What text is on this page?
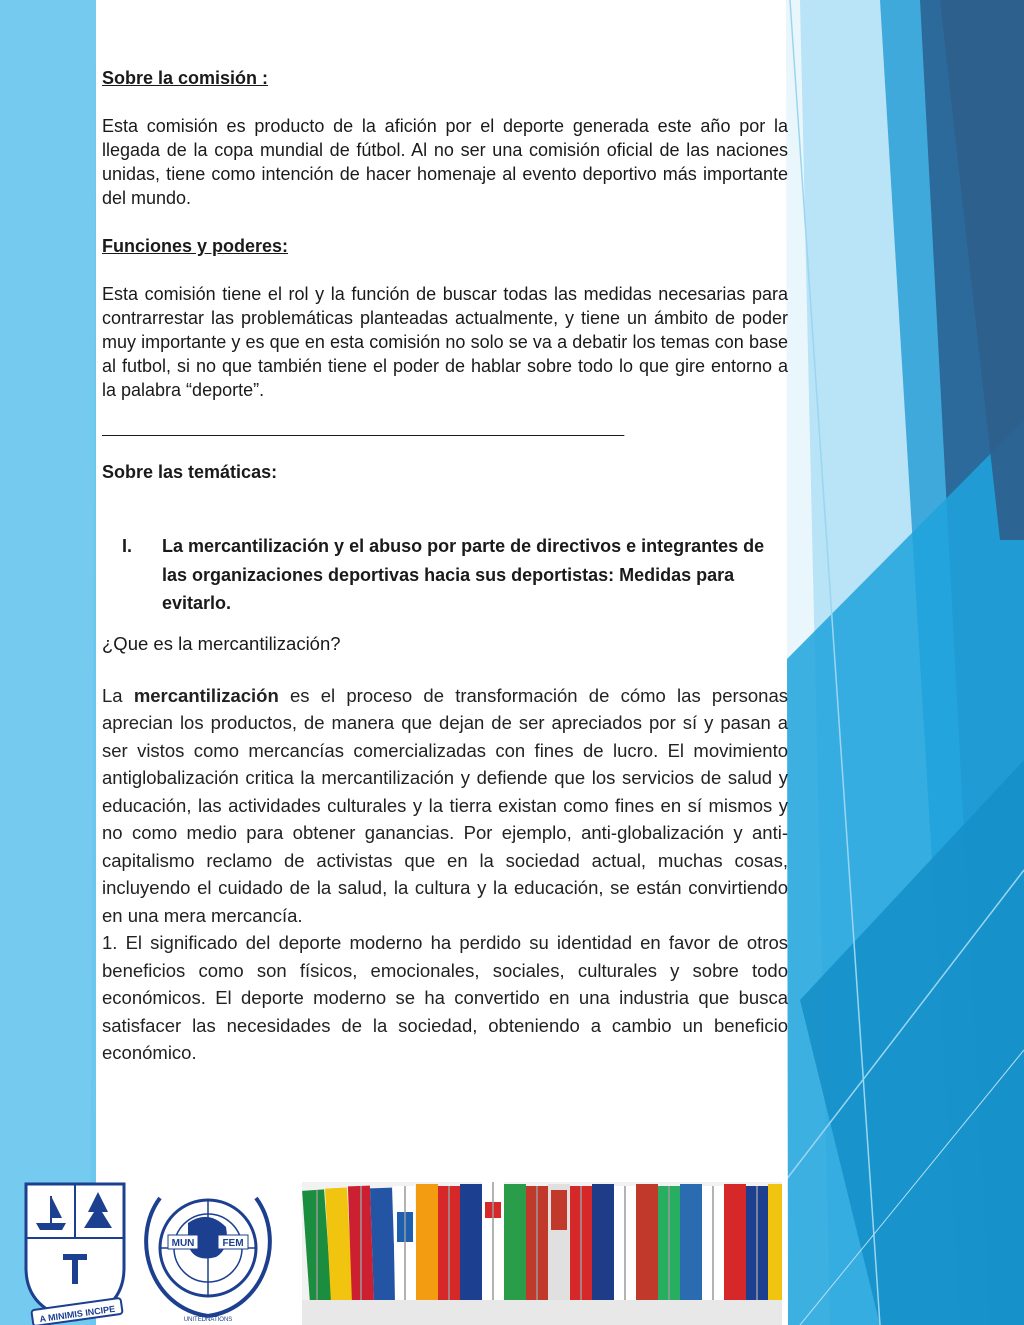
Sobre la comisión :

Esta comisión es producto de la afición por el deporte generada este año por la llegada de la copa mundial de fútbol. Al no ser una comisión oficial de las naciones unidas, tiene como intención de hacer homenaje al evento deportivo más importante del mundo.

Funciones y poderes:

Esta comisión tiene el rol y la función de buscar todas las medidas necesarias para contrarrestar las problemáticas planteadas actualmente, y tiene un ámbito de poder muy importante y es que en esta comisión no solo se va a debatir los temas con base al futbol, si no que también tiene el poder de hablar sobre todo lo que gire entorno a la palabra “deporte”.

____________________________________________________________

Sobre las temáticas:

I.	La mercantilización y el abuso por parte de directivos e integrantes de las organizaciones deportivas hacia sus deportistas: Medidas para evitarlo.

¿Que es la mercantilización?

La mercantilización es el proceso de transformación de cómo las personas aprecian los productos, de manera que dejan de ser apreciados por sí y pasan a ser vistos como mercancías comercializadas con fines de lucro. El movimiento antiglobalización critica la mercantilización y defiende que los servicios de salud y educación, las actividades culturales y la tierra existan como fines en sí mismos y no como medio para obtener ganancias. Por ejemplo, anti-globalización y anti-capitalismo reclamo de activistas que en la sociedad actual, muchas cosas, incluyendo el cuidado de la salud, la cultura y la educación, se están convirtiendo en una mera mercancía.

1. El significado del deporte moderno ha perdido su identidad en favor de otros beneficios como son físicos, emocionales, sociales, culturales y sobre todo económicos. El deporte moderno se ha convertido en una industria que busca satisfacer las necesidades de la sociedad, obteniendo a cambio un beneficio económico.

A MINIMIS INCIPE
MUN	FEM
UNITEDNATIONS
